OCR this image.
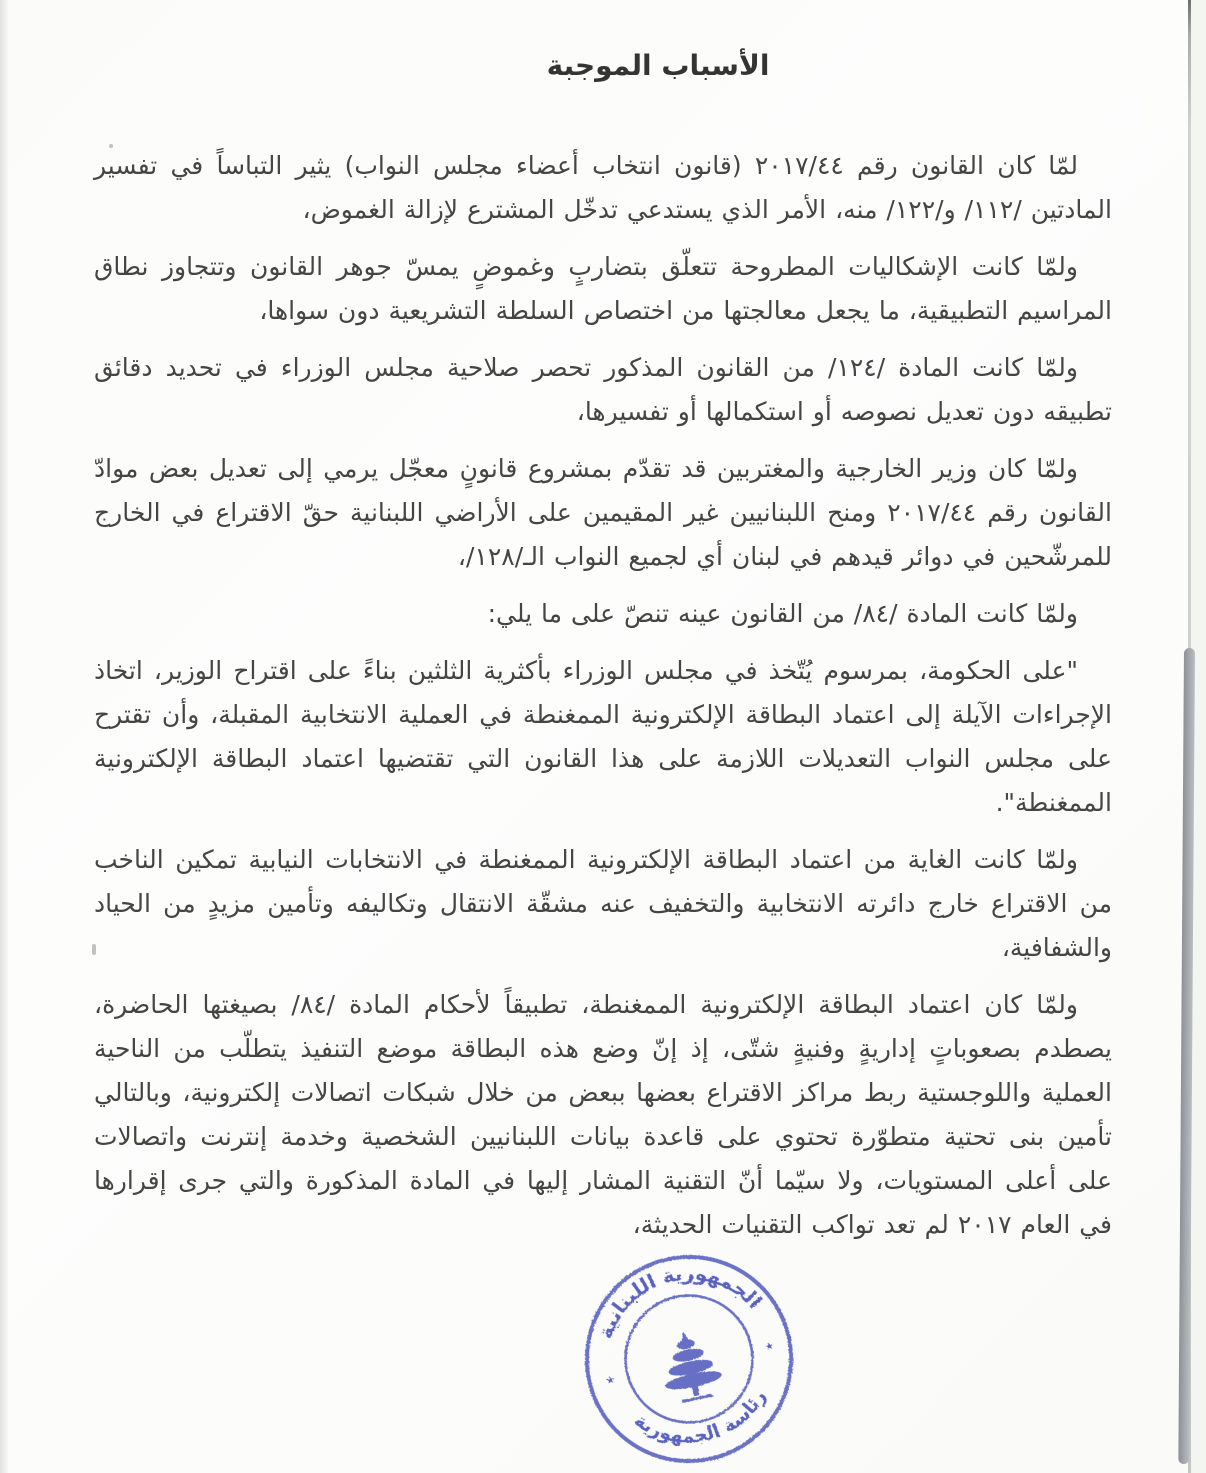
الأسباب الموجبة

لمّا كان القانون رقم ٢٠١٧/٤٤ (قانون انتخاب أعضاء مجلس النواب) يثير التباساً في تفسير المادتين /١١٢/ و/١٢٢/ منه، الأمر الذي يستدعي تدخّل المشترع لإزالة الغموض،

ولمّا كانت الإشكاليات المطروحة تتعلّق بتضاربٍ وغموضٍ يمسّ جوهر القانون وتتجاوز نطاق المراسيم التطبيقية، ما يجعل معالجتها من اختصاص السلطة التشريعية دون سواها،

ولمّا كانت المادة /١٢٤/ من القانون المذكور تحصر صلاحية مجلس الوزراء في تحديد دقائق تطبيقه دون تعديل نصوصه أو استكمالها أو تفسيرها،

ولمّا كان وزير الخارجية والمغتربين قد تقدّم بمشروع قانونٍ معجّل يرمي إلى تعديل بعض موادّ القانون رقم ٢٠١٧/٤٤ ومنح اللبنانيين غير المقيمين على الأراضي اللبنانية حقّ الاقتراع في الخارج للمرشّحين في دوائر قيدهم في لبنان أي لجميع النواب الـ/١٢٨/،

ولمّا كانت المادة /٨٤/ من القانون عينه تنصّ على ما يلي:

"على الحكومة، بمرسوم يُتّخذ في مجلس الوزراء بأكثرية الثلثين بناءً على اقتراح الوزير، اتخاذ الإجراءات الآيلة إلى اعتماد البطاقة الإلكترونية الممغنطة في العملية الانتخابية المقبلة، وأن تقترح على مجلس النواب التعديلات اللازمة على هذا القانون التي تقتضيها اعتماد البطاقة الإلكترونية الممغنطة".

ولمّا كانت الغاية من اعتماد البطاقة الإلكترونية الممغنطة في الانتخابات النيابية تمكين الناخب من الاقتراع خارج دائرته الانتخابية والتخفيف عنه مشقّة الانتقال وتكاليفه وتأمين مزيدٍ من الحياد والشفافية،

ولمّا كان اعتماد البطاقة الإلكترونية الممغنطة، تطبيقاً لأحكام المادة /٨٤/ بصيغتها الحاضرة، يصطدم بصعوباتٍ إداريةٍ وفنيةٍ شتّى، إذ إنّ وضع هذه البطاقة موضع التنفيذ يتطلّب من الناحية العملية واللوجستية ربط مراكز الاقتراع بعضها ببعض من خلال شبكات اتصالات إلكترونية، وبالتالي تأمين بنى تحتية متطوّرة تحتوي على قاعدة بيانات اللبنانيين الشخصية وخدمة إنترنت واتصالات على أعلى المستويات، ولا سيّما أنّ التقنية المشار إليها في المادة المذكورة والتي جرى إقرارها في العام ٢٠١٧ لم تعد تواكب التقنيات الحديثة،

الجمهورية اللبنانية
رئاسة الجمهورية
٭
٭
